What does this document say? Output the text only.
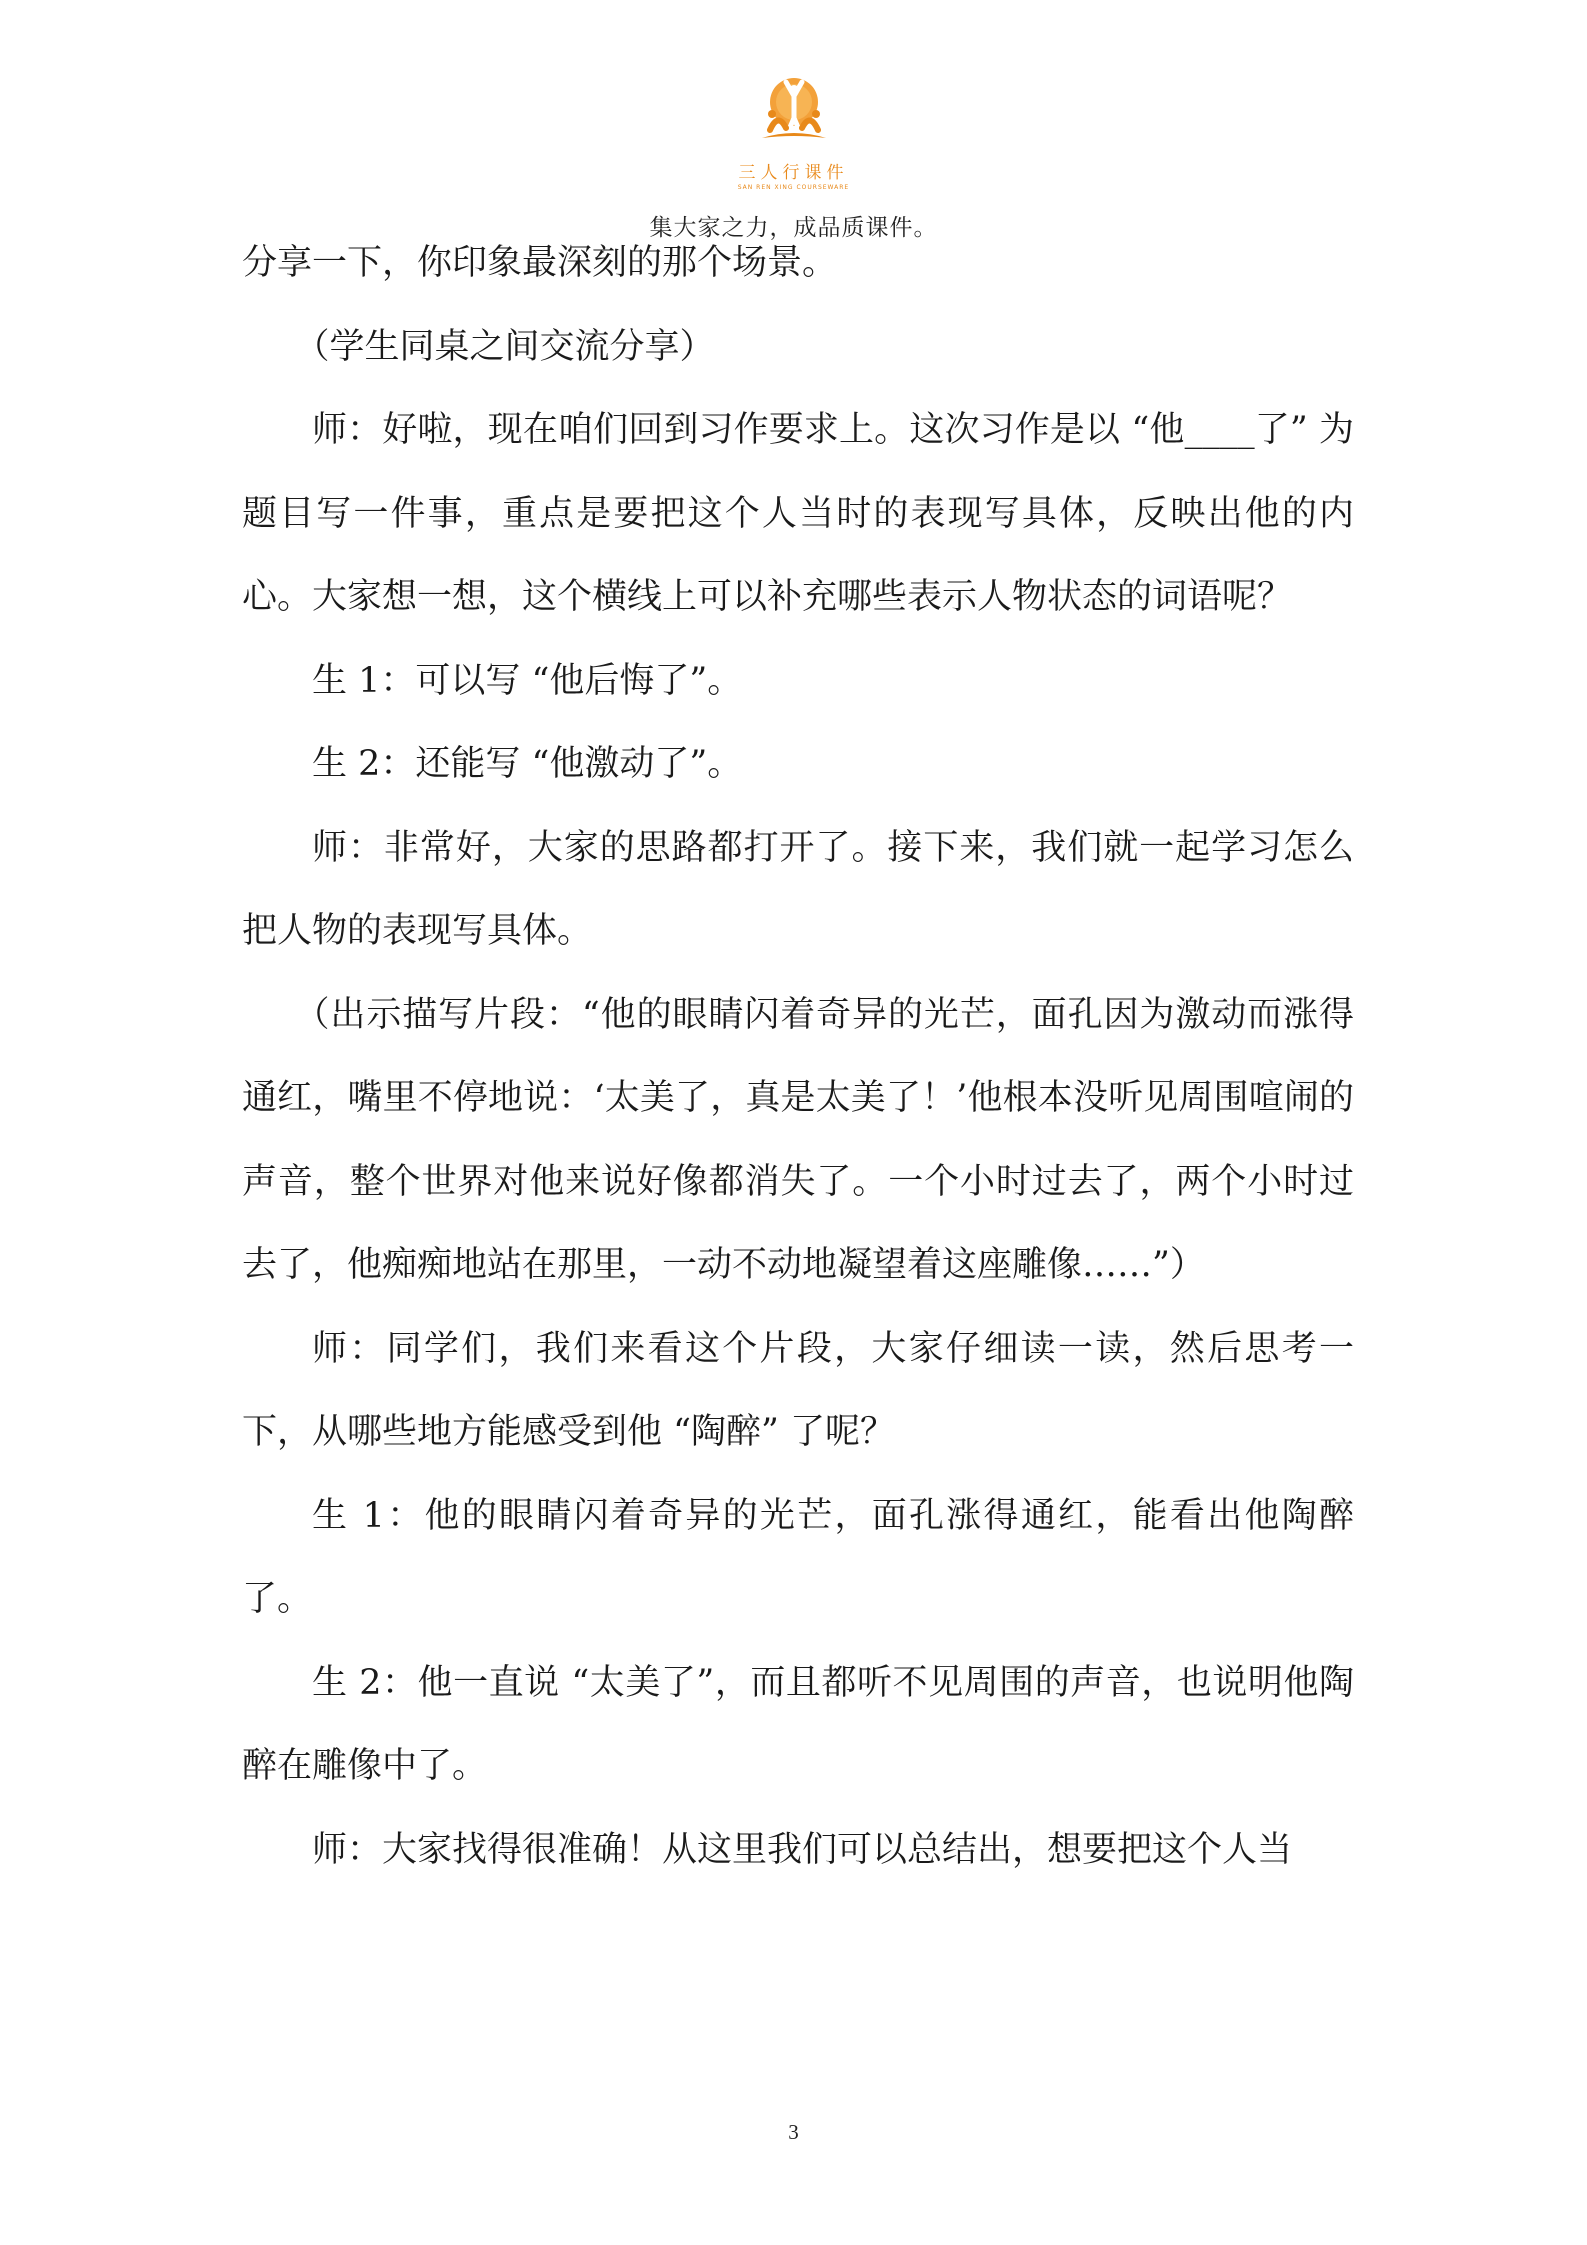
三人行课件
SAN REN XING COURSEWARE
集大家之力，成品质课件。

分享一下，你印象最深刻的那个场景。

（学生同桌之间交流分享）

师：好啦，现在咱们回到习作要求上。这次习作是以 “他____了” 为题目写一件事，重点是要把这个人当时的表现写具体，反映出他的内心。大家想一想，这个横线上可以补充哪些表示人物状态的词语呢？

生 1：可以写 “他后悔了”。

生 2：还能写 “他激动了”。

师：非常好，大家的思路都打开了。接下来，我们就一起学习怎么把人物的表现写具体。

（出示描写片段：“他的眼睛闪着奇异的光芒，面孔因为激动而涨得通红，嘴里不停地说：‘太美了，真是太美了！’他根本没听见周围喧闹的声音，整个世界对他来说好像都消失了。一个小时过去了，两个小时过去了，他痴痴地站在那里，一动不动地凝望着这座雕像……”）

师：同学们，我们来看这个片段，大家仔细读一读，然后思考一下，从哪些地方能感受到他 “陶醉” 了呢？

生 1：他的眼睛闪着奇异的光芒，面孔涨得通红，能看出他陶醉了。

生 2：他一直说 “太美了”，而且都听不见周围的声音，也说明他陶醉在雕像中了。

师：大家找得很准确！从这里我们可以总结出，想要把这个人当

3
